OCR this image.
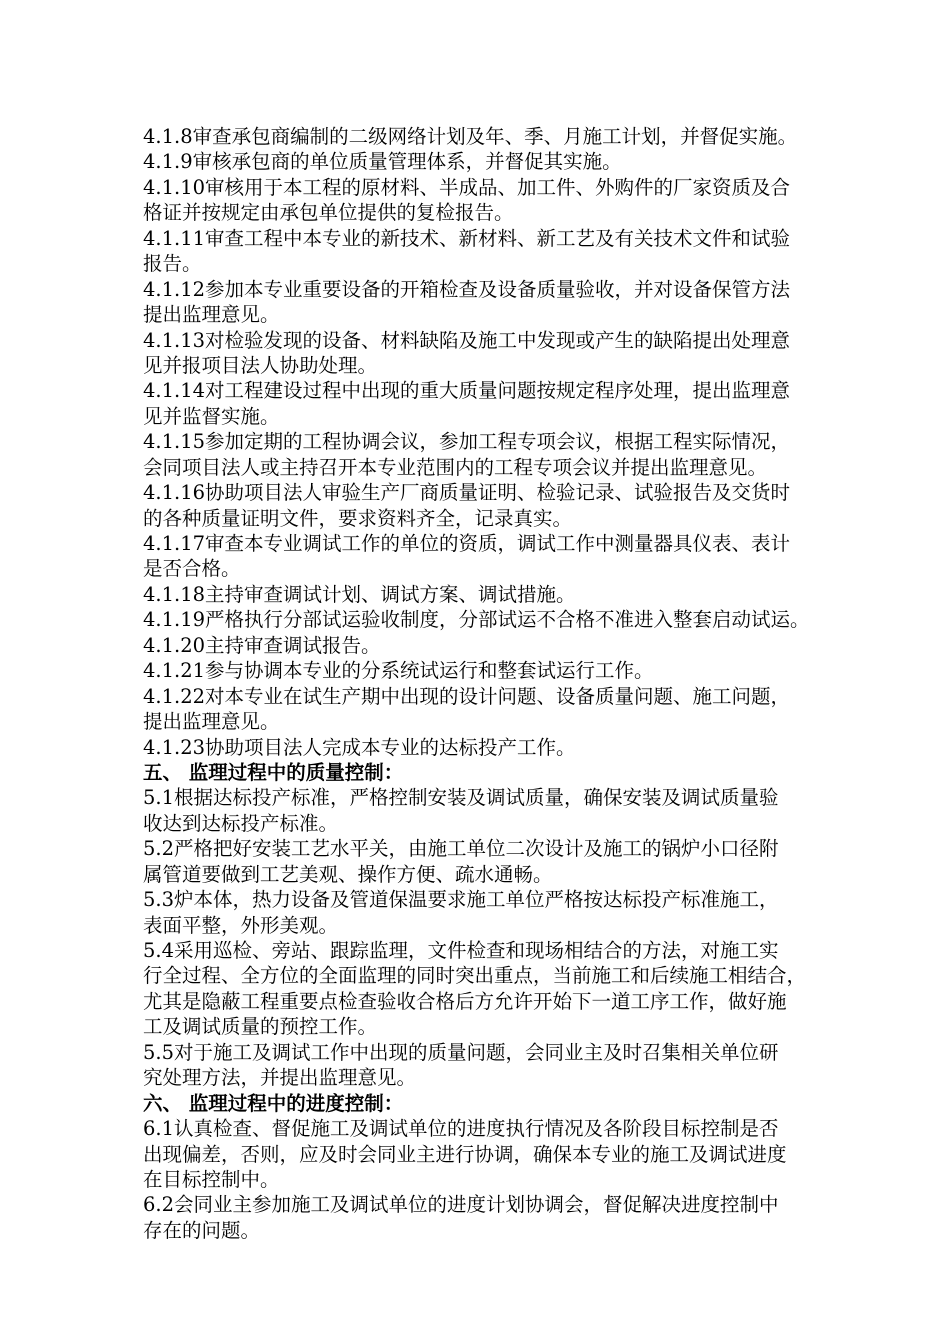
4.1.8审查承包商编制的二级网络计划及年、季、月施工计划，并督促实施。
4.1.9审核承包商的单位质量管理体系，并督促其实施。
4.1.10审核用于本工程的原材料、半成品、加工件、外购件的厂家资质及合
格证并按规定由承包单位提供的复检报告。
4.1.11审查工程中本专业的新技术、新材料、新工艺及有关技术文件和试验
报告。
4.1.12参加本专业重要设备的开箱检查及设备质量验收，并对设备保管方法
提出监理意见。
4.1.13对检验发现的设备、材料缺陷及施工中发现或产生的缺陷提出处理意
见并报项目法人协助处理。
4.1.14对工程建设过程中出现的重大质量问题按规定程序处理，提出监理意
见并监督实施。
4.1.15参加定期的工程协调会议，参加工程专项会议，根据工程实际情况，
会同项目法人或主持召开本专业范围内的工程专项会议并提出监理意见。
4.1.16协助项目法人审验生产厂商质量证明、检验记录、试验报告及交货时
的各种质量证明文件，要求资料齐全，记录真实。
4.1.17审查本专业调试工作的单位的资质，调试工作中测量器具仪表、表计
是否合格。
4.1.18主持审查调试计划、调试方案、调试措施。
4.1.19严格执行分部试运验收制度，分部试运不合格不准进入整套启动试运。
4.1.20主持审查调试报告。
4.1.21参与协调本专业的分系统试运行和整套试运行工作。
4.1.22对本专业在试生产期中出现的设计问题、设备质量问题、施工问题，
提出监理意见。
4.1.23协助项目法人完成本专业的达标投产工作。
五、 监理过程中的质量控制：
5.1根据达标投产标准，严格控制安装及调试质量，确保安装及调试质量验
收达到达标投产标准。
5.2严格把好安装工艺水平关，由施工单位二次设计及施工的锅炉小口径附
属管道要做到工艺美观、操作方便、疏水通畅。
5.3炉本体，热力设备及管道保温要求施工单位严格按达标投产标准施工，
表面平整，外形美观。
5.4采用巡检、旁站、跟踪监理，文件检查和现场相结合的方法，对施工实
行全过程、全方位的全面监理的同时突出重点，当前施工和后续施工相结合，
尤其是隐蔽工程重要点检查验收合格后方允许开始下一道工序工作，做好施
工及调试质量的预控工作。
5.5对于施工及调试工作中出现的质量问题，会同业主及时召集相关单位研
究处理方法，并提出监理意见。
六、 监理过程中的进度控制：
6.1认真检查、督促施工及调试单位的进度执行情况及各阶段目标控制是否
出现偏差，否则，应及时会同业主进行协调，确保本专业的施工及调试进度
在目标控制中。
6.2会同业主参加施工及调试单位的进度计划协调会，督促解决进度控制中
存在的问题。
